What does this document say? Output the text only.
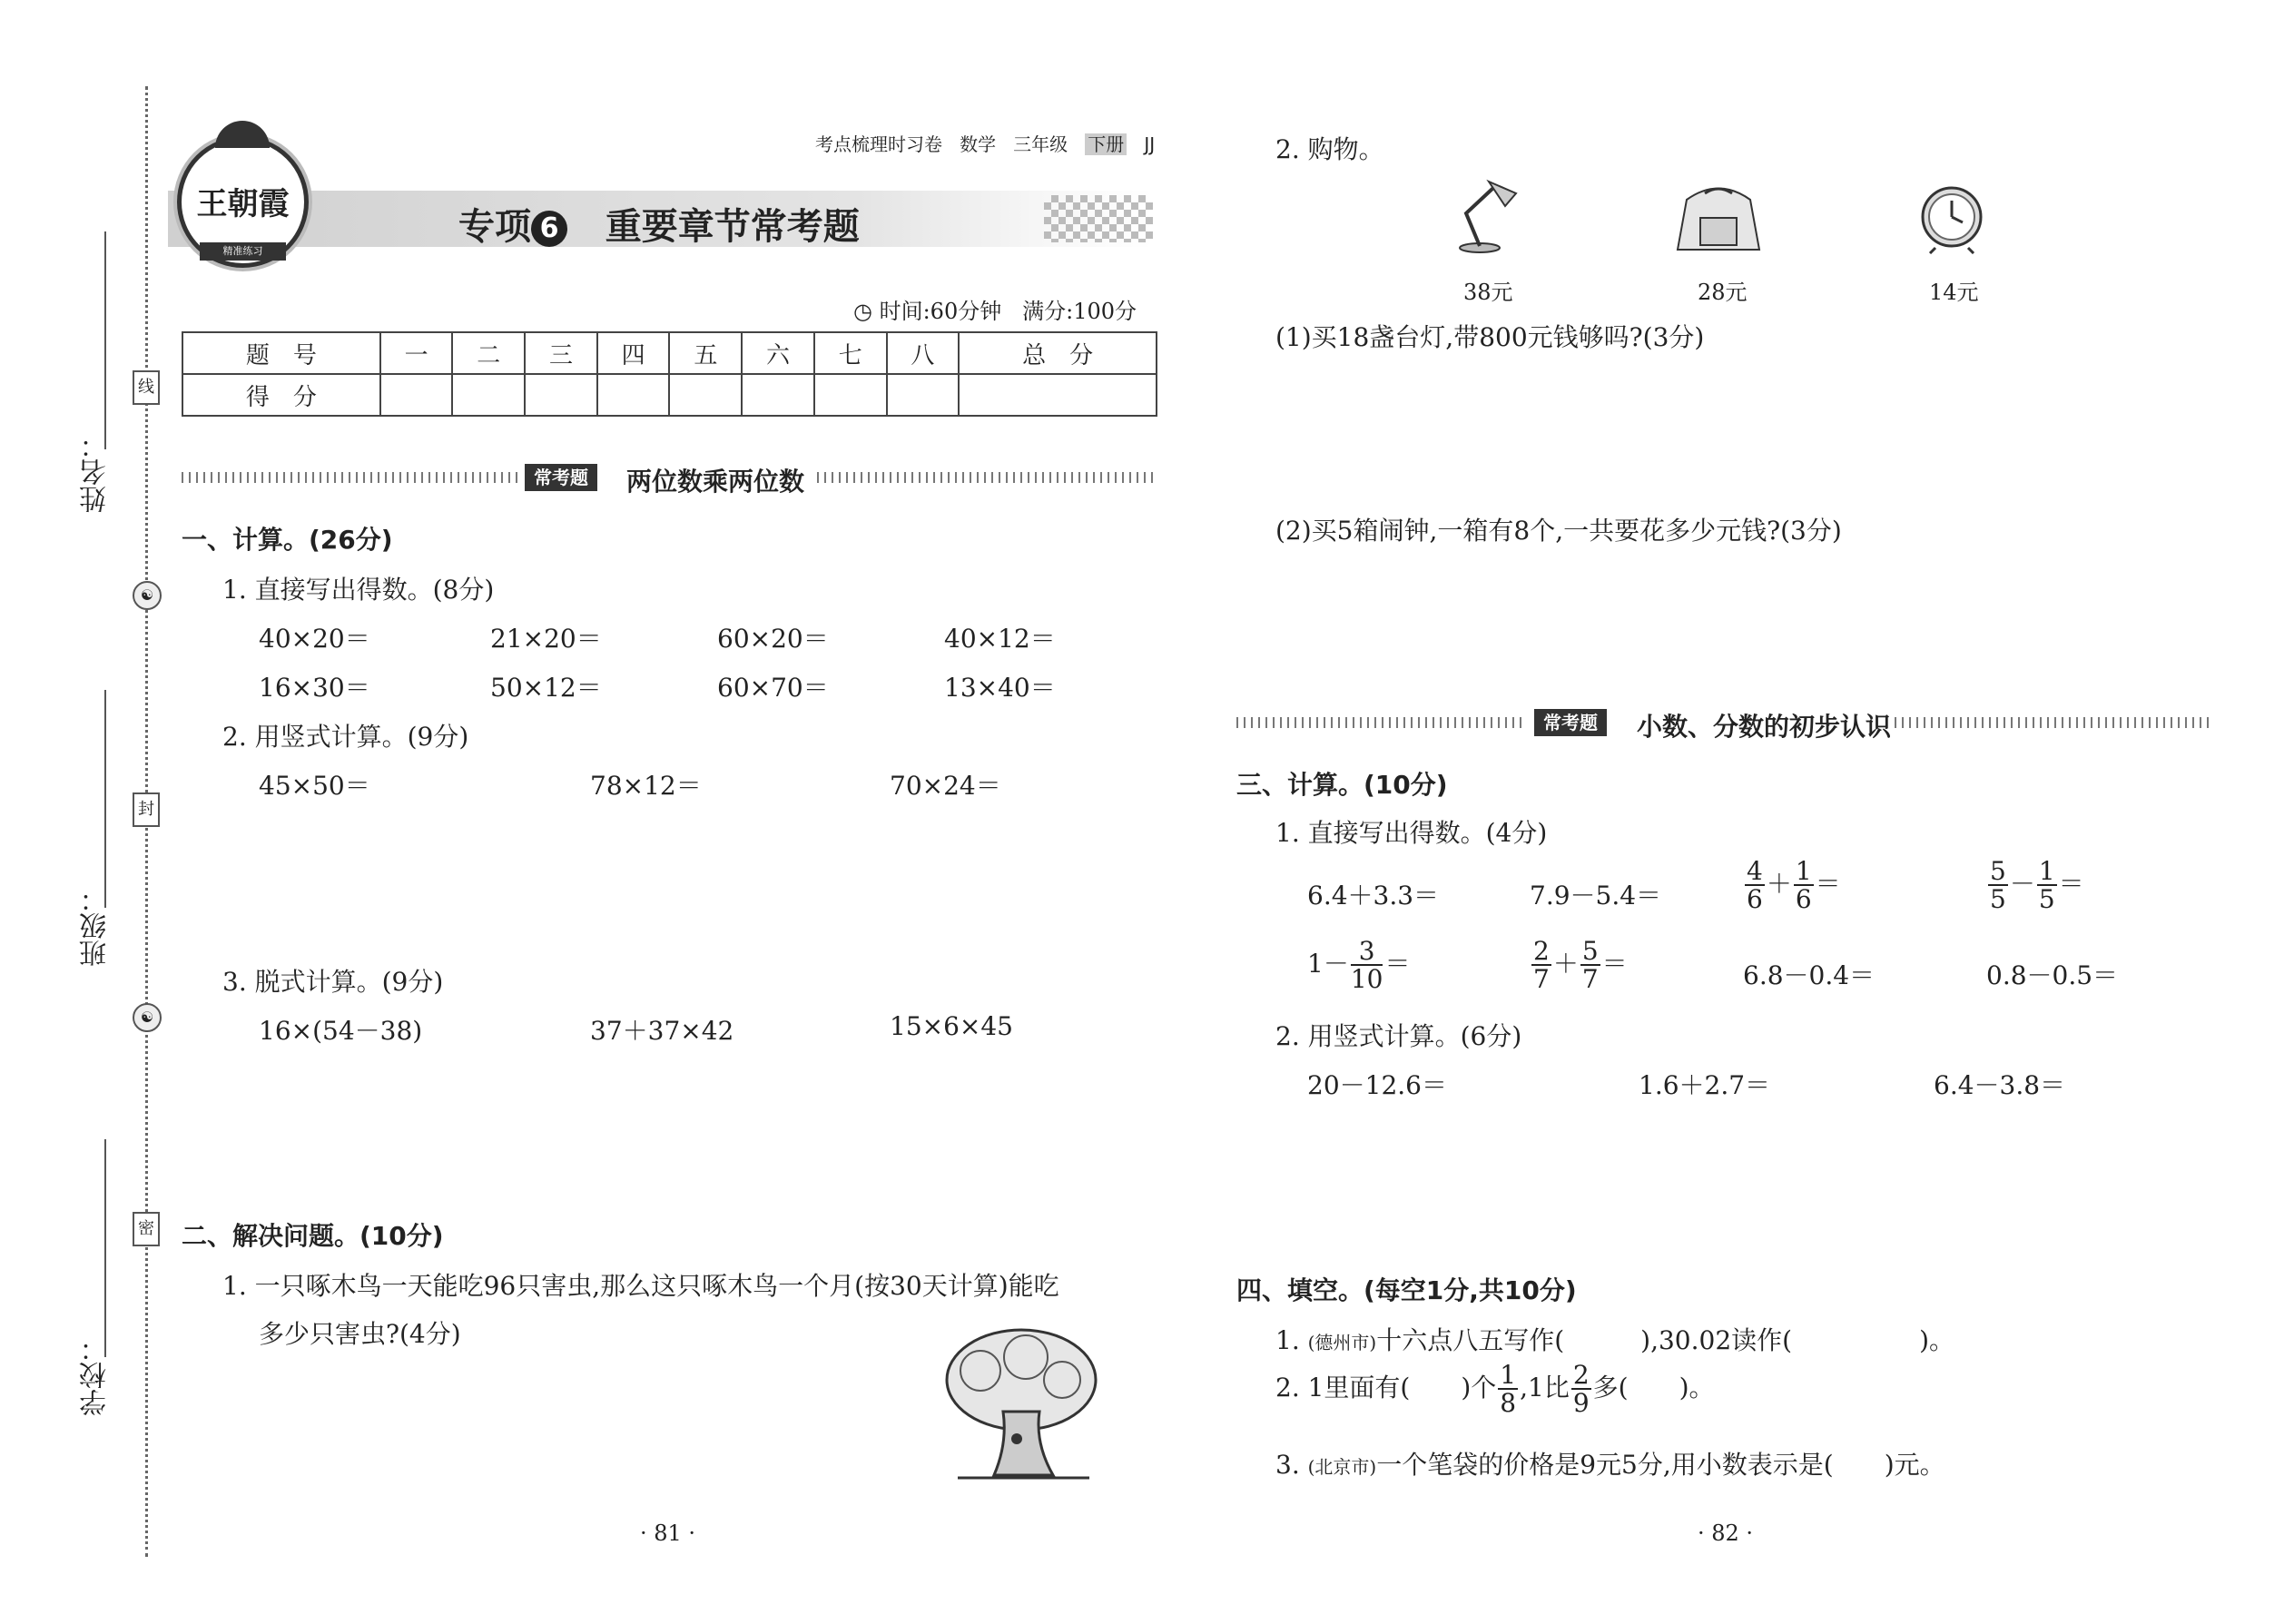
姓名：
班级：
学校：
线
☯
封
☯
密
王朝霞
精准练习
考点梳理时习卷 数学 三年级 下册 JJ
专项 6 重要章节常考题
◷ 时间:60分钟 满分:100分
题　号	一	二	三	四	五	六	七	八	总　分
得　分									
常考题	两位数乘两位数
一、计算。(26分)
1. 直接写出得数。(8分)
40×20＝	21×20＝	60×20＝	40×12＝
16×30＝	50×12＝	60×70＝	13×40＝
2. 用竖式计算。(9分)
45×50＝	78×12＝	70×24＝
3. 脱式计算。(9分)
16×(54－38)	37＋37×42	15×6×45
二、解决问题。(10分)
1. 一只啄木鸟一天能吃96只害虫,那么这只啄木鸟一个月(按30天计算)能吃
多少只害虫?(4分)
· 81 ·
2. 购物。
38元	28元	14元
(1)买18盏台灯,带800元钱够吗?(3分)
(2)买5箱闹钟,一箱有8个,一共要花多少元钱?(3分)
常考题	小数、分数的初步认识
三、计算。(10分)
1. 直接写出得数。(4分)
6.4＋3.3＝	7.9－5.4＝	$\frac{4}{6} + \frac{1}{6}$ ＝	$\frac{5}{5} - \frac{1}{5}$ ＝
$1- \frac{3}{10}$ ＝	$\frac{2}{7} + \frac{5}{7}$ ＝	6.8－0.4＝	0.8－0.5＝
2. 用竖式计算。(6分)
20－12.6＝	1.6＋2.7＝	6.4－3.8＝
四、填空。(每空1分,共10分)
1. (德州市)十六点八五写作(　　　),30.02读作(　　　　　)。
2. 1里面有(　　)个 $\frac{1}{8} ,1$比 $\frac{2}{9}$ 多(　　)。
3. (北京市)一个笔袋的价格是9元5分,用小数表示是(　　)元。
· 82 ·
